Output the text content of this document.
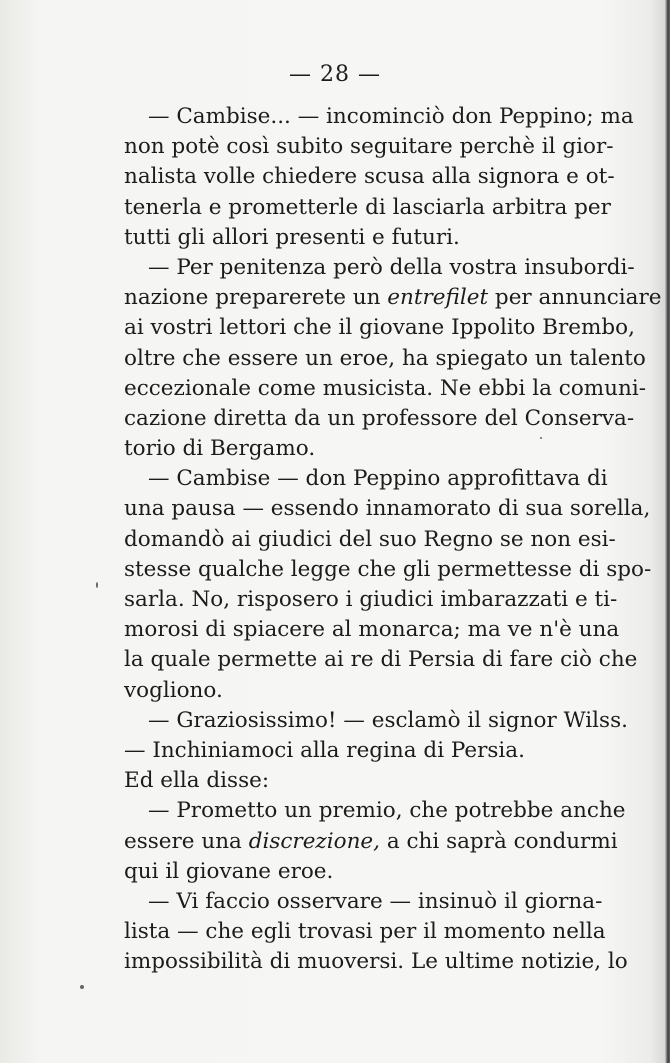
— 28 —
— Cambise... — incominciò don Peppino; ma
non potè così subito seguitare perchè il gior-
nalista volle chiedere scusa alla signora e ot-
tenerla e prometterle di lasciarla arbitra per
tutti gli allori presenti e futuri.
— Per penitenza però della vostra insubordi-
nazione preparerete un entrefilet per annunciare
ai vostri lettori che il giovane Ippolito Brembo,
oltre che essere un eroe, ha spiegato un talento
eccezionale come musicista. Ne ebbi la comuni-
cazione diretta da un professore del Conserva-
torio di Bergamo.
— Cambise — don Peppino approfittava di
una pausa — essendo innamorato di sua sorella,
domandò ai giudici del suo Regno se non esi-
stesse qualche legge che gli permettesse di spo-
sarla. No, risposero i giudici imbarazzati e ti-
morosi di spiacere al monarca; ma ve n'è una
la quale permette ai re di Persia di fare ciò che
vogliono.
— Graziosissimo! — esclamò il signor Wilss.
— Inchiniamoci alla regina di Persia.
Ed ella disse:
— Prometto un premio, che potrebbe anche
essere una discrezione, a chi saprà condurmi
qui il giovane eroe.
— Vi faccio osservare — insinuò il giorna-
lista — che egli trovasi per il momento nella
impossibilità di muoversi. Le ultime notizie, lo
